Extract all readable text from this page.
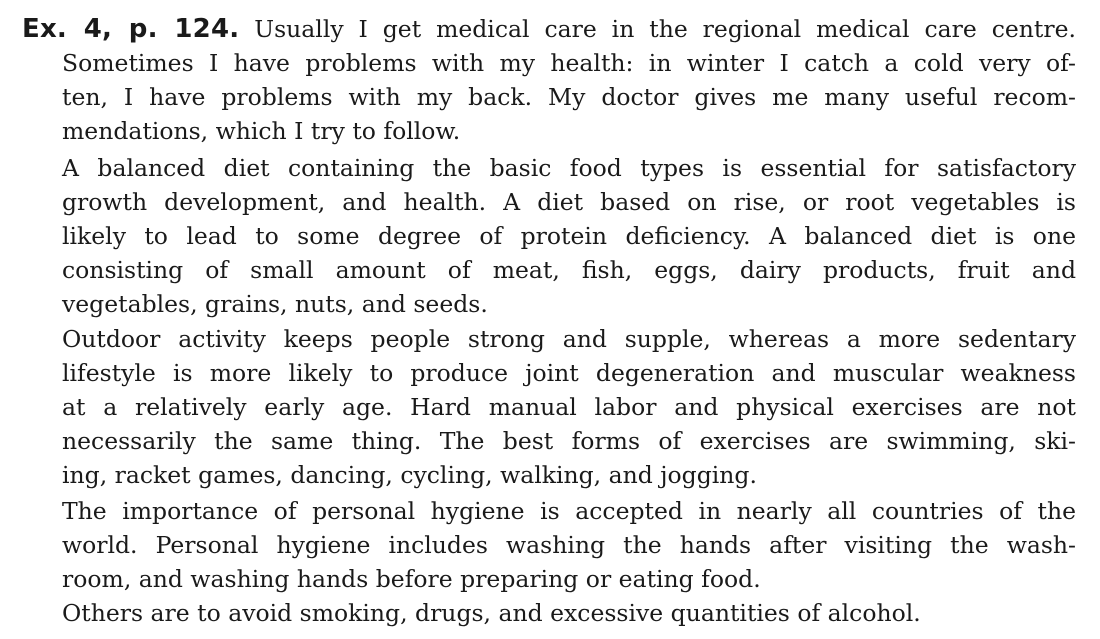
Ex. 4, p. 124. Usually I get medical care in the regional medical care centre.
Sometimes I have problems with my health: in winter I catch a cold very of-
ten, I have problems with my back. My doctor gives me many useful recom-
mendations, which I try to follow.
A balanced diet containing the basic food types is essential for satisfactory
growth development, and health. A diet based on rise, or root vegetables is
likely to lead to some degree of protein deficiency. A balanced diet is one
consisting of small amount of meat, fish, eggs, dairy products, fruit and
vegetables, grains, nuts, and seeds.
Outdoor activity keeps people strong and supple, whereas a more sedentary
lifestyle is more likely to produce joint degeneration and muscular weakness
at a relatively early age. Hard manual labor and physical exercises are not
necessarily the same thing. The best forms of exercises are swimming, ski-
ing, racket games, dancing, cycling, walking, and jogging.
The importance of personal hygiene is accepted in nearly all countries of the
world. Personal hygiene includes washing the hands after visiting the wash-
room, and washing hands before preparing or eating food.
Others are to avoid smoking, drugs, and excessive quantities of alcohol.
